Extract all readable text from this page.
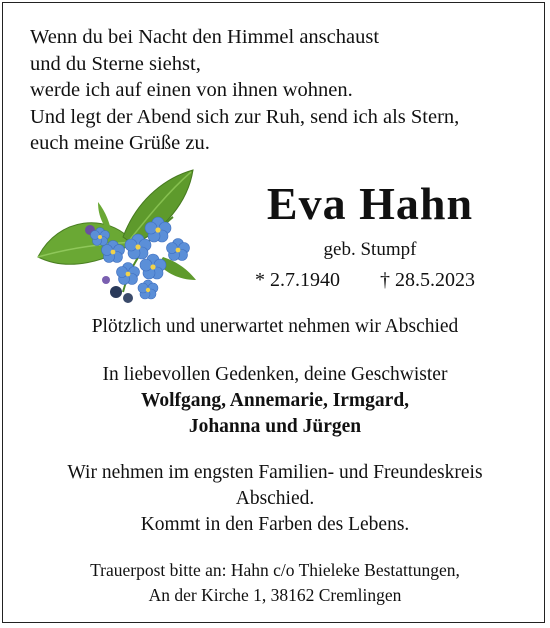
Wenn du bei Nacht den Himmel anschaust
und du Sterne siehst,
werde ich auf einen von ihnen wohnen.
Und legt der Abend sich zur Ruh, send ich als Stern,
euch meine Grüße zu.
Eva Hahn
geb. Stumpf
* 2.7.1940 † 28.5.2023
Plötzlich und unerwartet nehmen wir Abschied
In liebevollen Gedenken, deine Geschwister
Wolfgang, Annemarie, Irmgard,
Johanna und Jürgen
Wir nehmen im engsten Familien- und Freundeskreis
Abschied.
Kommt in den Farben des Lebens.
Trauerpost bitte an: Hahn c/o Thieleke Bestattungen,
An der Kirche 1, 38162 Cremlingen
